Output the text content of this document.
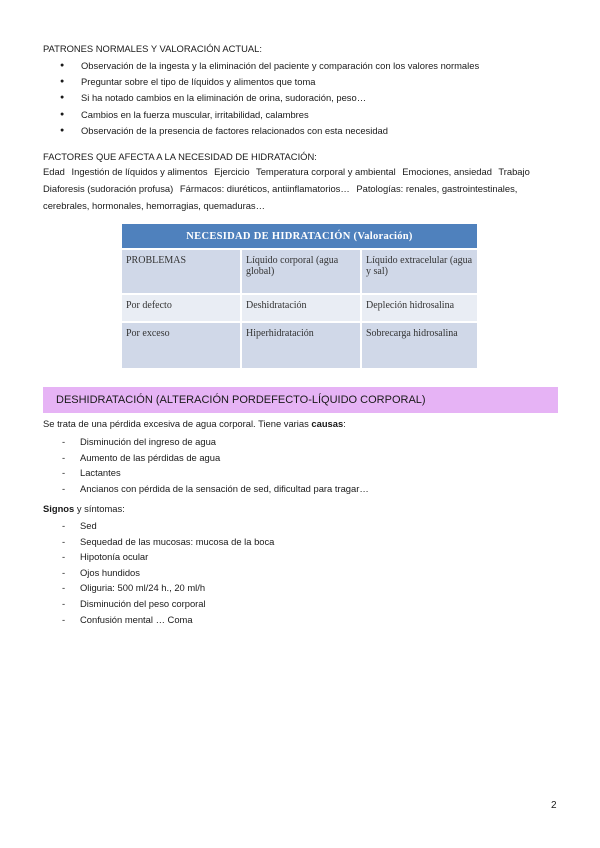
PATRONES NORMALES Y VALORACIÓN ACTUAL:
● Observación de la ingesta y la eliminación del paciente y comparación con los valores normales
● Preguntar sobre el tipo de líquidos y alimentos que toma
● Si ha notado cambios en la eliminación de orina, sudoración, peso…
● Cambios en la fuerza muscular, irritabilidad, calambres
● Observación de la presencia de factores relacionados con esta necesidad
FACTORES QUE AFECTA A LA NECESIDAD DE HIDRATACIÓN:
Edad Ingestión de líquidos y alimentos Ejercicio Temperatura corporal y ambiental Emociones, ansiedad Trabajo Diaforesis (sudoración profusa) Fármacos: diuréticos, antiinflamatorios… Patologías: renales, gastrointestinales, cerebrales, hormonales, hemorragias, quemaduras…
NECESIDAD DE HIDRATACIÓN (Valoración)		
PROBLEMAS	Líquido corporal (agua global)	Líquido extracelular (agua y sal)
Por defecto	Deshidratación	Depleción hidrosalina
Por exceso	Hiperhidratación	Sobrecarga hidrosalina
DESHIDRATACIÓN (ALTERACIÓN PORDEFECTO-LÍQUIDO CORPORAL)
Se trata de una pérdida excesiva de agua corporal. Tiene varias causas:
- Disminución del ingreso de agua
- Aumento de las pérdidas de agua
- Lactantes
- Ancianos con pérdida de la sensación de sed, dificultad para tragar…
Signos y síntomas:
- Sed
- Sequedad de las mucosas: mucosa de la boca
- Hipotonía ocular
- Ojos hundidos
- Oliguria: 500 ml/24 h., 20 ml/h
- Disminución del peso corporal
- Confusión mental … Coma
2
